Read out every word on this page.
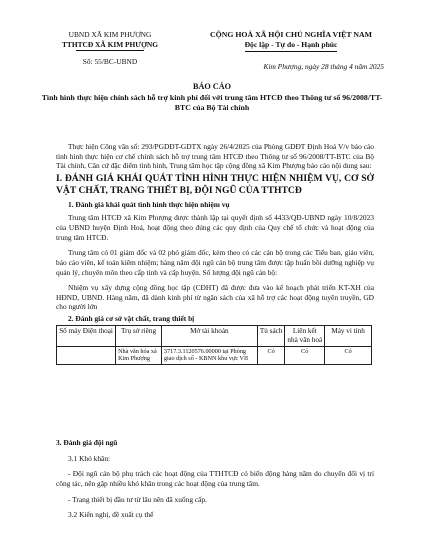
UBND XÃ KIM PHƯỢNG
TTHTCĐ XÃ KIM PHƯỢNG
Số: 55/BC-UBND
CỘNG HOÀ XÃ HỘI CHỦ NGHĨA VIỆT NAM
Độc lập - Tự do - Hạnh phúc
Kim Phượng, ngày 28 tháng 4 năm 2025
BÁO CÁO
Tình hình thực hiện chính sách hỗ trợ kinh phí đối với trung tâm HTCĐ theo Thông tư số 96/2008/TT-BTC của Bộ Tài chính

Thực hiện Công văn số: 293/PGDĐT-GDTX ngày 26/4/2025 của Phòng GDĐT Định Hoá V/v báo cáo tình hình thực hiện cơ chế chính sách hỗ trợ trung tâm HTCĐ theo Thông tư số 96/2008/TT-BTC của Bộ Tài chính, Căn cứ đặc điểm tình hình, Trung tâm học tập cộng đồng xã Kim Phượng báo cáo nội dung sau:

I. ĐÁNH GIÁ KHÁI QUÁT TÌNH HÌNH THỰC HIỆN NHIỆM VỤ, CƠ SỞ VẬT CHẤT, TRANG THIẾT BỊ, ĐỘI NGŨ CỦA TTHTCĐ
1. Đánh giá khái quát tình hình thực hiện nhiệm vụ

Trung tâm HTCĐ xã Kim Phượng được thành lập tại quyết định số 4433/QĐ-UBND ngày 10/8/2023 của UBND huyện Định Hoá, hoạt động theo đúng các quy định của Quy chế tổ chức và hoạt động của trung tâm HTCĐ.

Trung tâm có 01 giám đốc và 02 phó giám đốc, kèm theo có các cán bộ trong các Tiểu ban, giáo viên, báo cáo viên, kế toán kiêm nhiệm; hàng năm đội ngũ cán bộ trung tâm được tập huấn bồi dưỡng nghiệp vụ quản lý, chuyên môn theo cấp tỉnh và cấp huyện. Số lượng đội ngũ cán bộ:

Nhiệm vụ xây dựng cộng đồng học tập (CĐHT) đã được đưa vào kế hoạch phát triển KT-XH của HĐND, UBND. Hàng năm, đã dành kinh phí từ ngân sách của xã hỗ trợ các hoạt động tuyên truyền, GD cho người lớn

2. Đánh giá cơ sở vật chất, trang thiết bị
Số máy Điện thoại	Trụ sở riêng	Mở tài khoản	Tủ sách	Liên kết nhà văn hoá	Máy vi tính
	Nhà văn hóa xã Kim Phượng	3717.3.1120576.00000 tại Phòng giao dịch số - KBNN khu vực VII	Có	Có	Có
3. Đánh giá đội ngũ

3.1 Khó khăn:

- Đội ngũ cán bộ phụ trách các hoạt động của TTHTCĐ có biến động hàng năm do chuyển đổi vị trí công tác, nên gặp nhiều khó khăn trong các hoạt động của trung tâm.

- Trang thiết bị đầu tư từ lâu nên đã xuống cấp.

3.2 Kiến nghị, đề xuất cụ thể
